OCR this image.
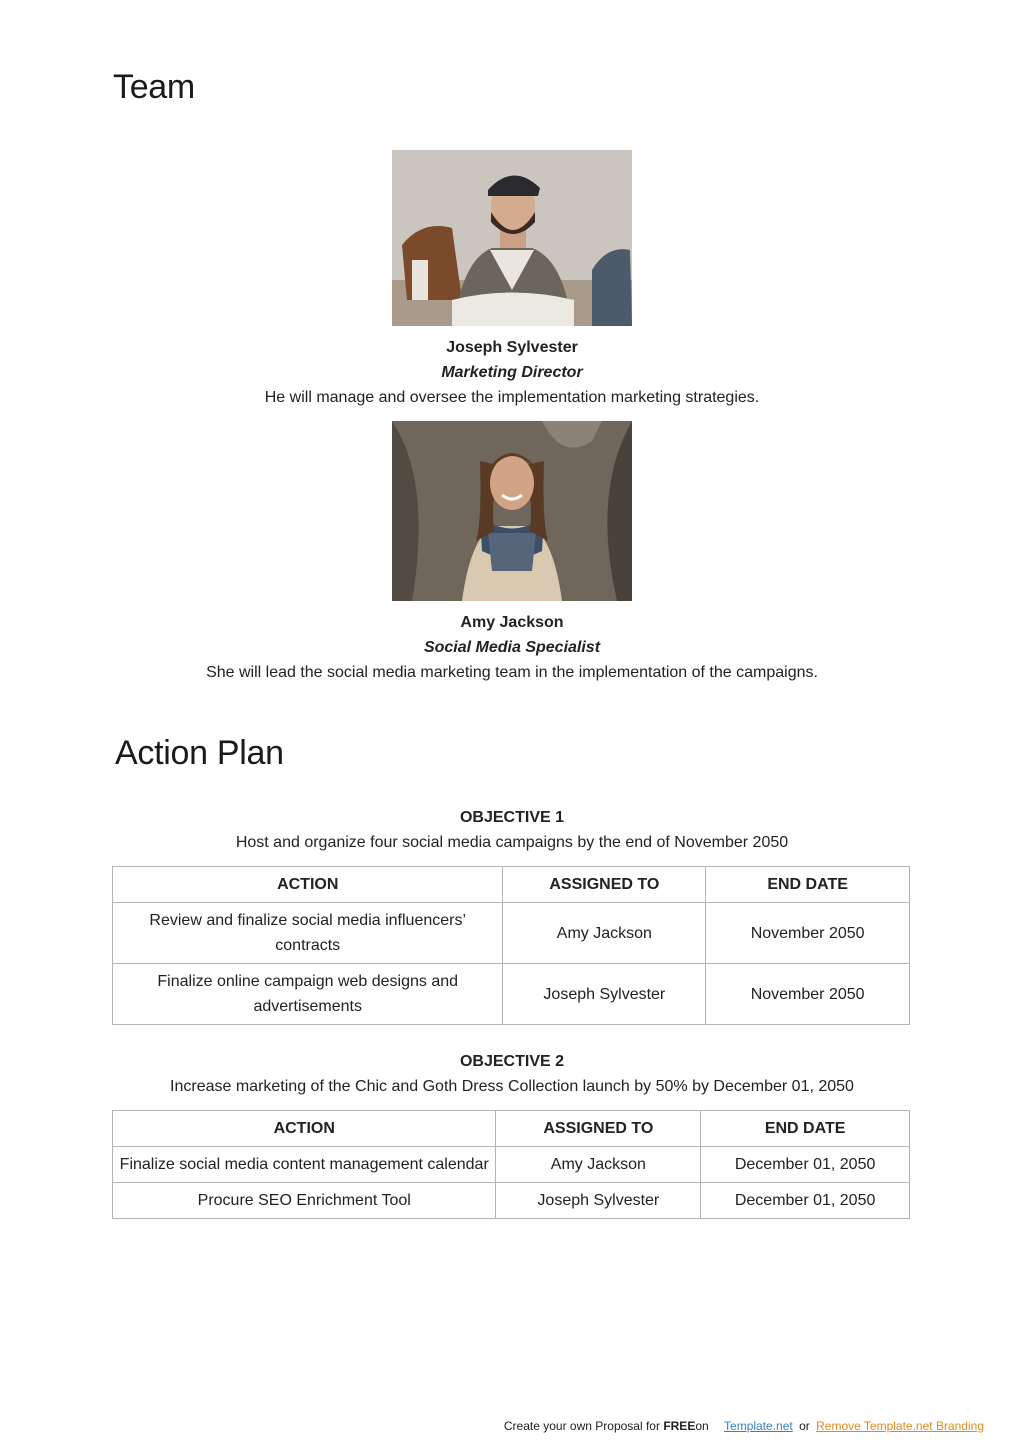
Team
Joseph Sylvester
Marketing Director
He will manage and oversee the implementation marketing strategies.
Amy Jackson
Social Media Specialist
She will lead the social media marketing team in the implementation of the campaigns.
Action Plan
OBJECTIVE 1
Host and organize four social media campaigns by the end of November 2050
ACTION	ASSIGNED TO	END DATE
Review and finalize social media influencers’ contracts	Amy Jackson	November 2050
Finalize online campaign web designs and advertisements	Joseph Sylvester	November 2050
OBJECTIVE 2
Increase marketing of the Chic and Goth Dress Collection launch by 50% by December 01, 2050
ACTION	ASSIGNED TO	END DATE
Finalize social media content management calendar	Amy Jackson	December 01, 2050
Procure SEO Enrichment Tool	Joseph Sylvester	December 01, 2050
Create your own Proposal for FREEon Template.net or Remove Template.net Branding
